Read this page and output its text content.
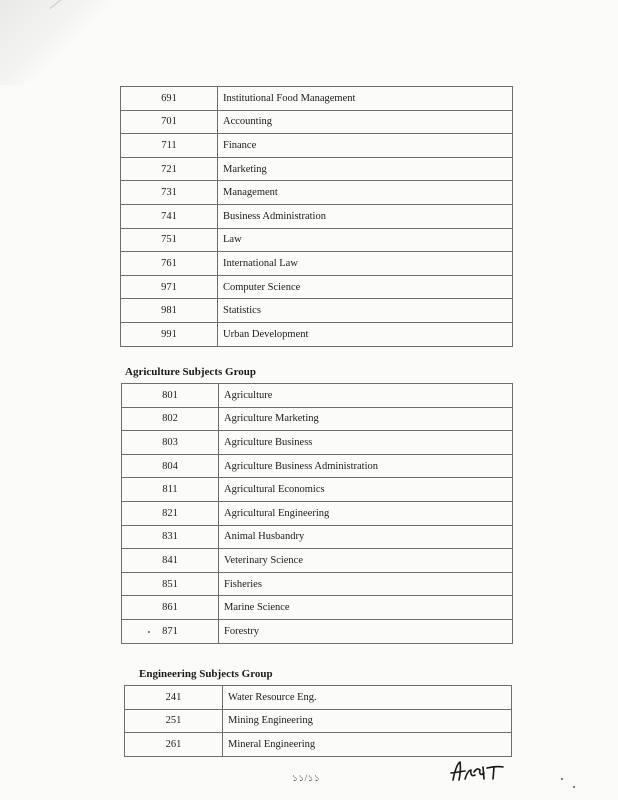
691	Institutional Food Management
701	Accounting
711	Finance
721	Marketing
731	Management
741	Business Administration
751	Law
761	International Law
971	Computer Science
981	Statistics
991	Urban Development
Agriculture Subjects Group
801	Agriculture
802	Agriculture Marketing
803	Agriculture Business
804	Agriculture Business Administration
811	Agricultural Economics
821	Agricultural Engineering
831	Animal Husbandry
841	Veterinary Science
851	Fisheries
861	Marine Science
871	Forestry
Engineering Subjects Group
241	Water Resource Eng.
251	Mining Engineering
261	Mineral Engineering
১১/১১
